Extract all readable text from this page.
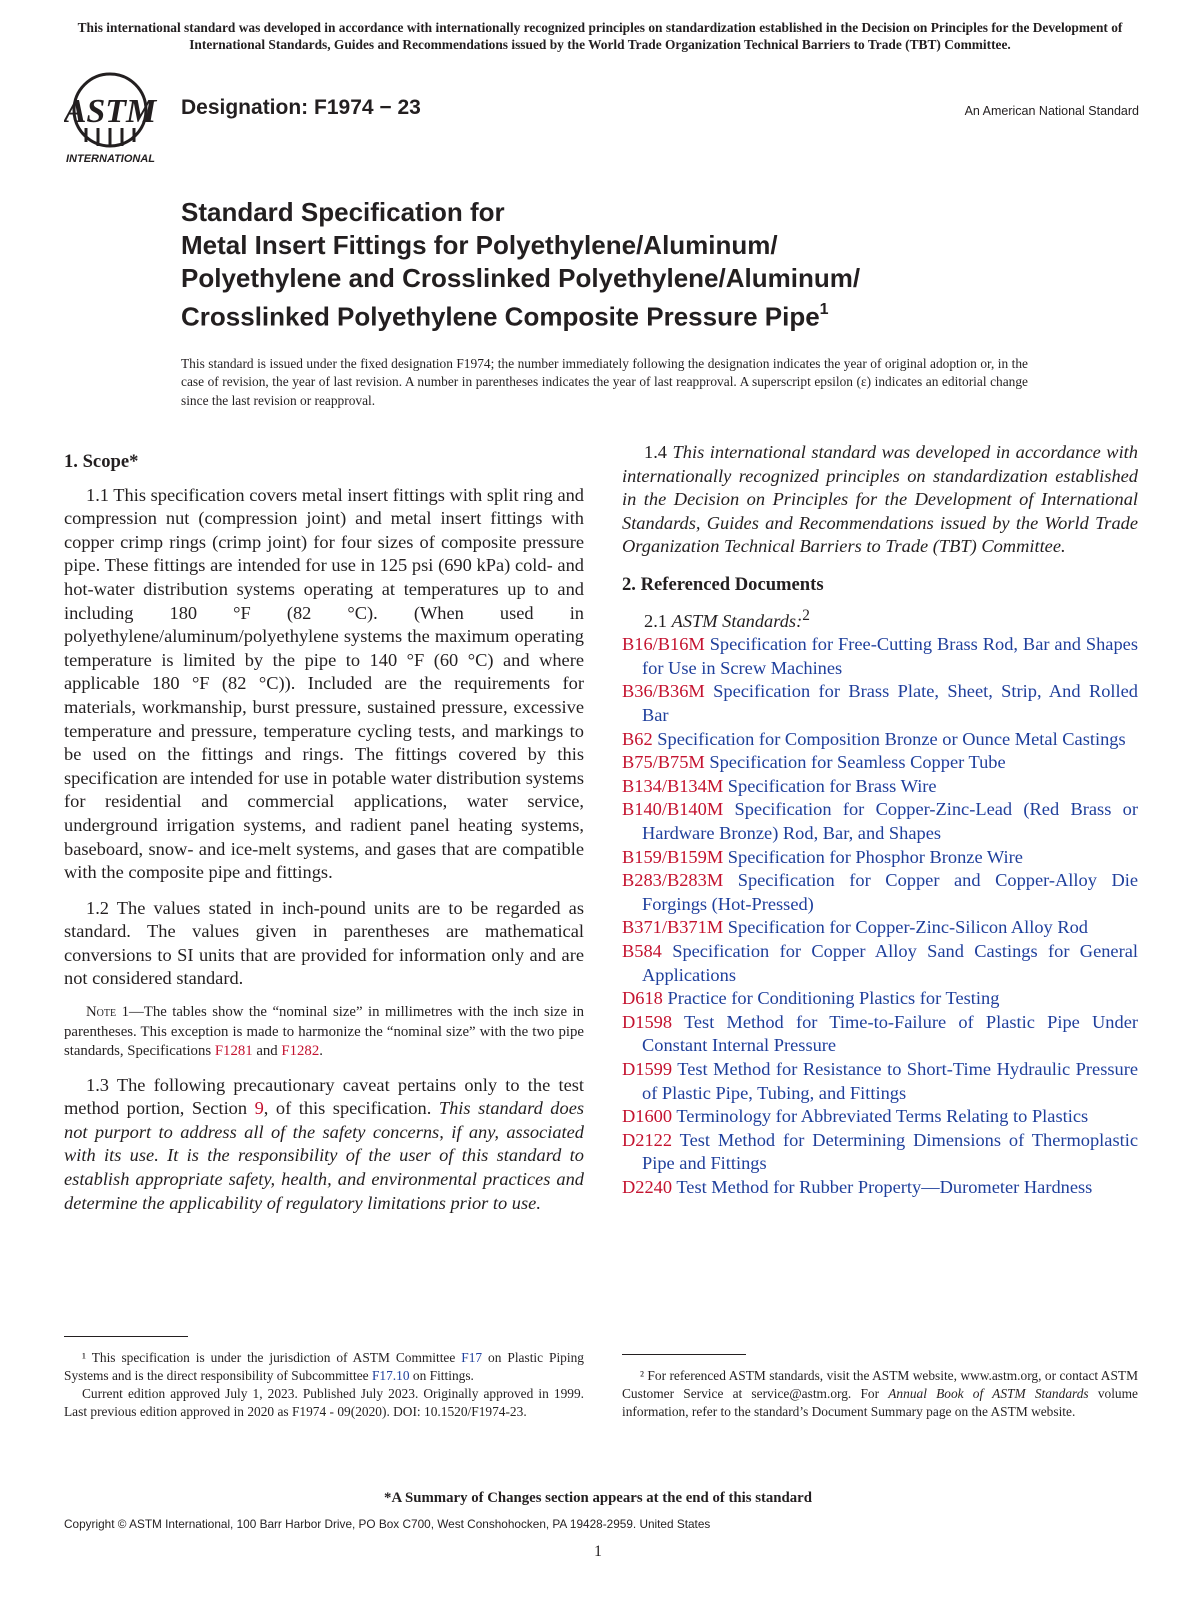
This international standard was developed in accordance with internationally recognized principles on standardization established in the Decision on Principles for the Development of International Standards, Guides and Recommendations issued by the World Trade Organization Technical Barriers to Trade (TBT) Committee.
ASTM
INTERNATIONAL
Designation: F1974 − 23	An American National Standard
Standard Specification for
Metal Insert Fittings for Polyethylene/Aluminum/
Polyethylene and Crosslinked Polyethylene/Aluminum/
Crosslinked Polyethylene Composite Pressure Pipe$^1$
This standard is issued under the fixed designation F1974; the number immediately following the designation indicates the year of original adoption or, in the case of revision, the year of last revision. A number in parentheses indicates the year of last reapproval. A superscript epsilon (ε) indicates an editorial change since the last revision or reapproval.
1. Scope*

1.1 This specification covers metal insert fittings with split ring and compression nut (compression joint) and metal insert fittings with copper crimp rings (crimp joint) for four sizes of composite pressure pipe. These fittings are intended for use in 125 psi (690 kPa) cold- and hot-water distribution systems operating at temperatures up to and including 180 °F (82 °C). (When used in polyethylene/aluminum/polyethylene systems the maximum operating temperature is limited by the pipe to 140 °F (60 °C) and where applicable 180 °F (82 °C)). Included are the requirements for materials, workmanship, burst pressure, sustained pressure, excessive temperature and pressure, temperature cycling tests, and markings to be used on the fittings and rings. The fittings covered by this specification are intended for use in potable water distribution systems for residential and commercial applications, water service, underground irrigation systems, and radient panel heating systems, baseboard, snow- and ice-melt systems, and gases that are compatible with the composite pipe and fittings.

1.2 The values stated in inch-pound units are to be regarded as standard. The values given in parentheses are mathematical conversions to SI units that are provided for information only and are not considered standard.

Note 1—The tables show the “nominal size” in millimetres with the inch size in parentheses. This exception is made to harmonize the “nominal size” with the two pipe standards, Specifications F1281 and F1282.

1.3 The following precautionary caveat pertains only to the test method portion, Section 9, of this specification. This standard does not purport to address all of the safety concerns, if any, associated with its use. It is the responsibility of the user of this standard to establish appropriate safety, health, and environmental practices and determine the applicability of regulatory limitations prior to use.

1.4 This international standard was developed in accordance with internationally recognized principles on standardization established in the Decision on Principles for the Development of International Standards, Guides and Recommendations issued by the World Trade Organization Technical Barriers to Trade (TBT) Committee.

2. Referenced Documents

2.1 ASTM Standards:$^2$

B16/B16M Specification for Free-Cutting Brass Rod, Bar and Shapes for Use in Screw Machines

B36/B36M Specification for Brass Plate, Sheet, Strip, And Rolled Bar

B62 Specification for Composition Bronze or Ounce Metal Castings

B75/B75M Specification for Seamless Copper Tube

B134/B134M Specification for Brass Wire

B140/B140M Specification for Copper-Zinc-Lead (Red Brass or Hardware Bronze) Rod, Bar, and Shapes

B159/B159M Specification for Phosphor Bronze Wire

B283/B283M Specification for Copper and Copper-Alloy Die Forgings (Hot-Pressed)

B371/B371M Specification for Copper-Zinc-Silicon Alloy Rod

B584 Specification for Copper Alloy Sand Castings for General Applications

D618 Practice for Conditioning Plastics for Testing

D1598 Test Method for Time-to-Failure of Plastic Pipe Under Constant Internal Pressure

D1599 Test Method for Resistance to Short-Time Hydraulic Pressure of Plastic Pipe, Tubing, and Fittings

D1600 Terminology for Abbreviated Terms Relating to Plastics

D2122 Test Method for Determining Dimensions of Thermoplastic Pipe and Fittings

D2240 Test Method for Rubber Property—Durometer Hardness

¹ This specification is under the jurisdiction of ASTM Committee F17 on Plastic Piping Systems and is the direct responsibility of Subcommittee F17.10 on Fittings.

Current edition approved July 1, 2023. Published July 2023. Originally approved in 1999. Last previous edition approved in 2020 as F1974 - 09(2020). DOI: 10.1520/F1974-23.

² For referenced ASTM standards, visit the ASTM website, www.astm.org, or contact ASTM Customer Service at service@astm.org. For Annual Book of ASTM Standards volume information, refer to the standard’s Document Summary page on the ASTM website.

*A Summary of Changes section appears at the end of this standard
Copyright © ASTM International, 100 Barr Harbor Drive, PO Box C700, West Conshohocken, PA 19428-2959. United States
1
